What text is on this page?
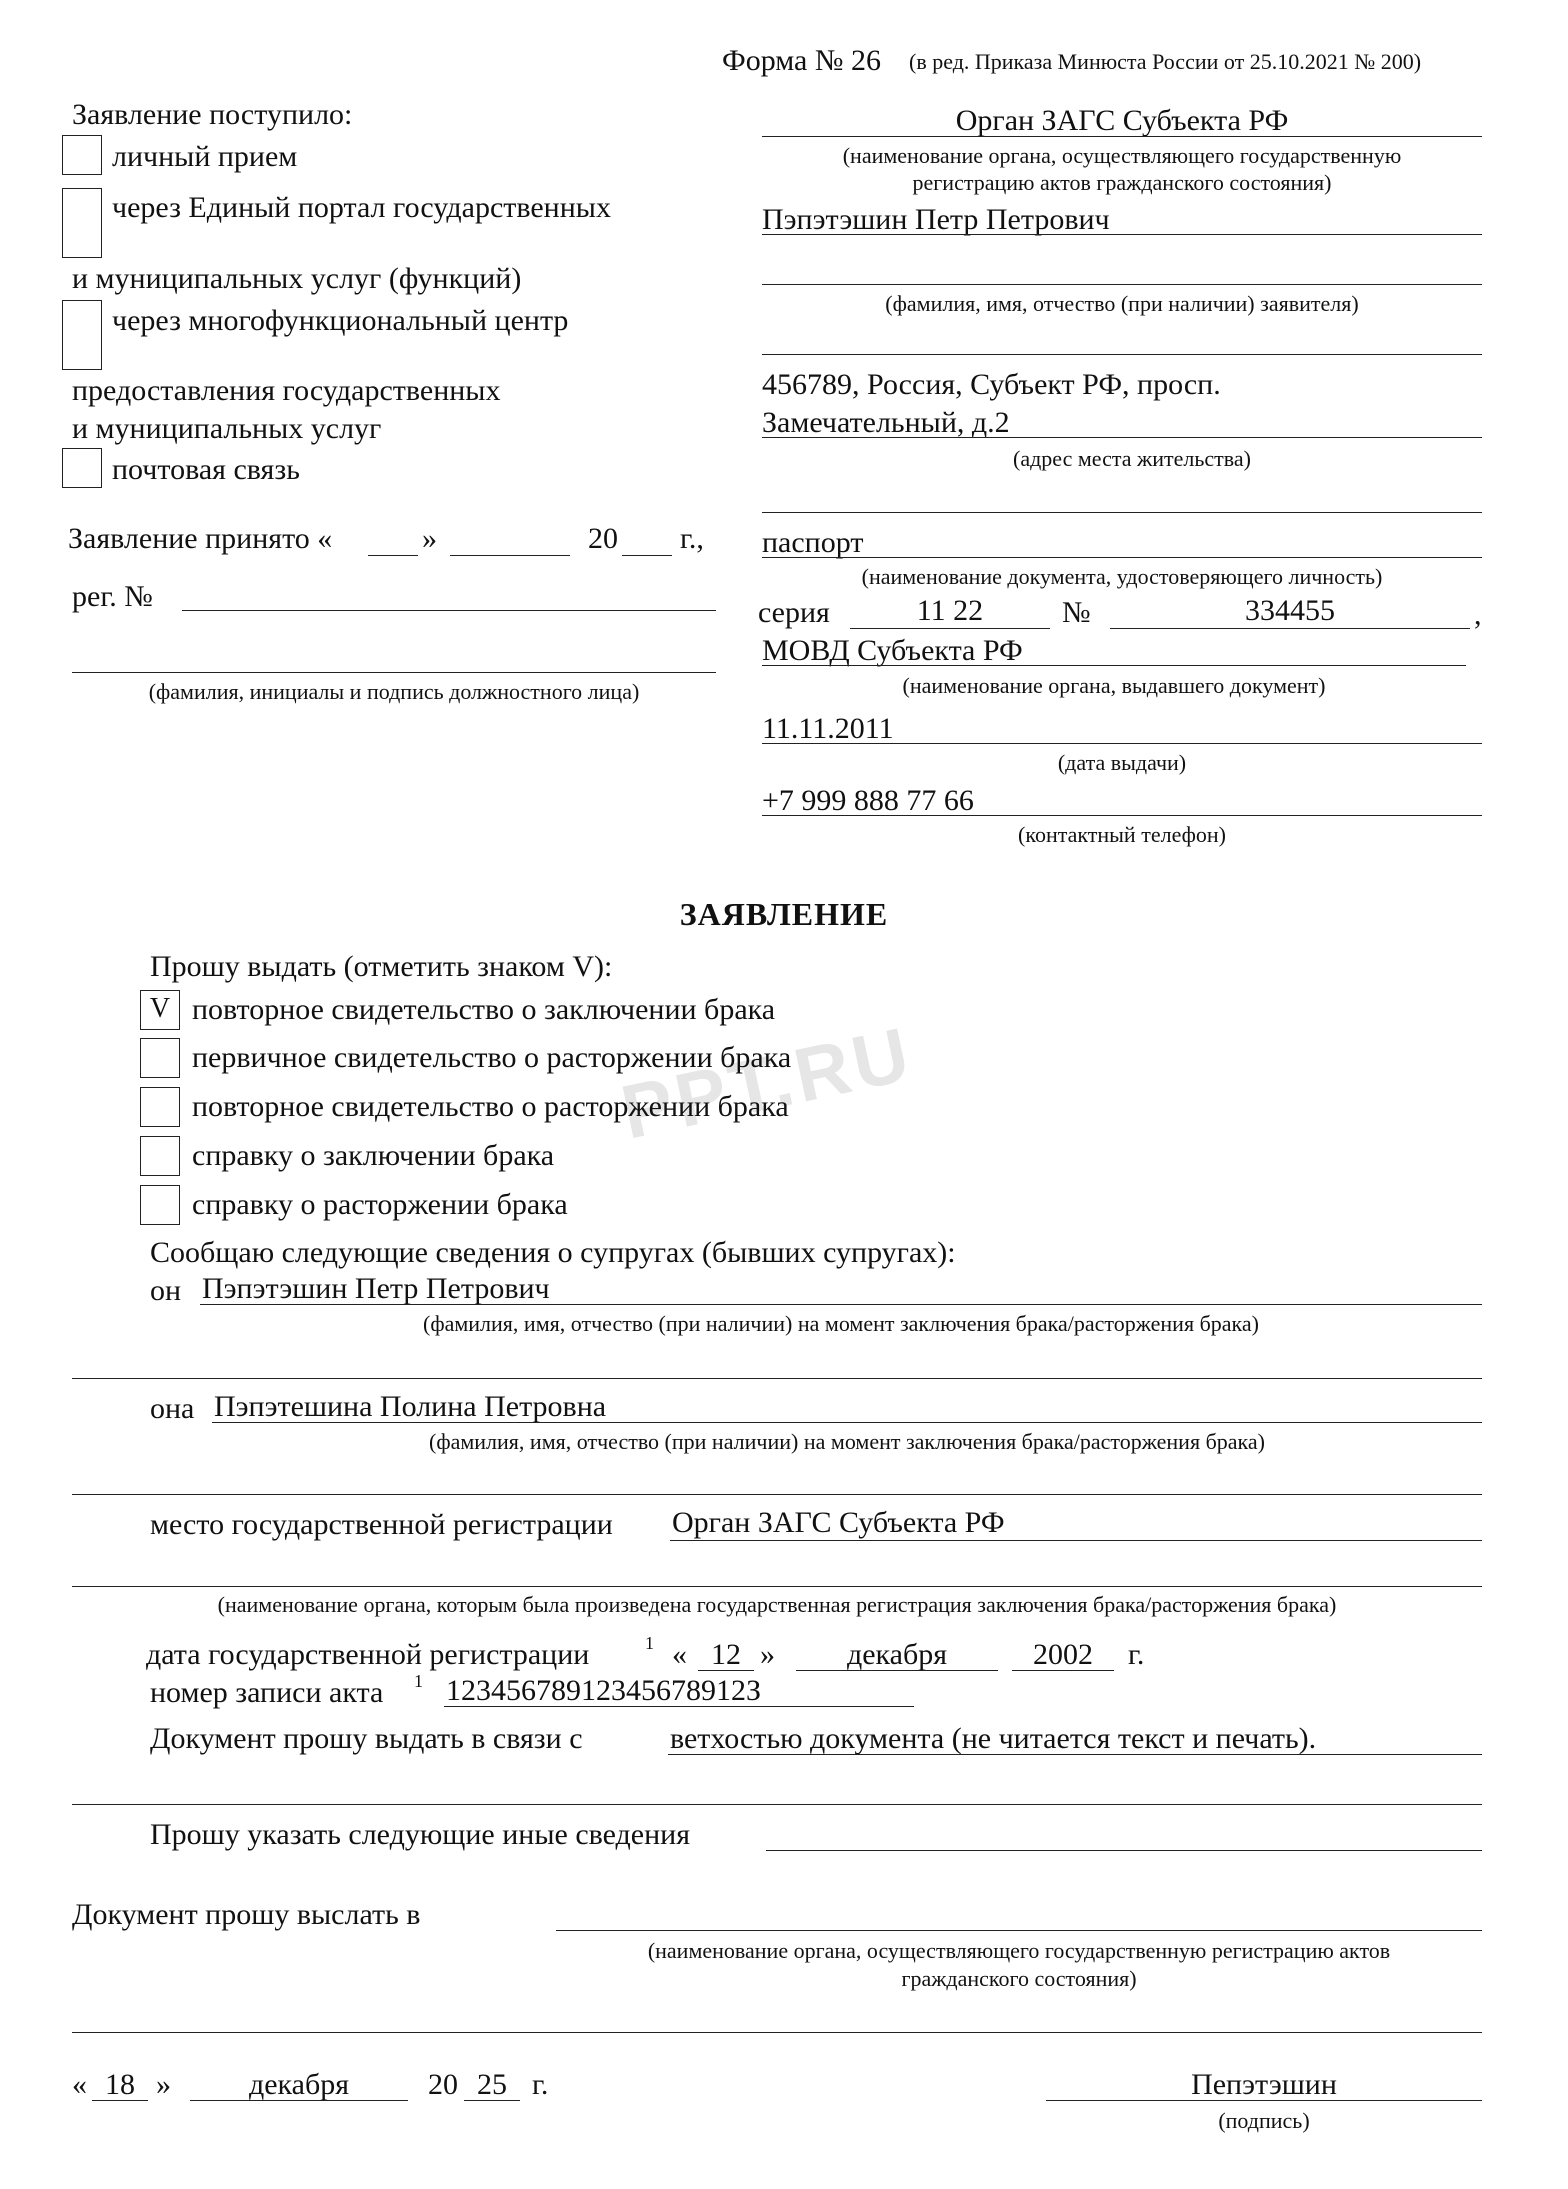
Форма № 26 (в ред. Приказа Минюста России от 25.10.2021 № 200)
Заявление поступило:
личный прием
через Единый портал государственных
и муниципальных услуг (функций)
через многофункциональный центр
предоставления государственных
и муниципальных услуг
почтовая связь
Заявление принято «	»	20 г.,
рег. №
(фамилия, инициалы и подпись должностного лица)
Орган ЗАГС Субъекта РФ
(наименование органа, осуществляющего государственную
регистрацию актов гражданского состояния)
Пэпэтэшин Петр Петрович
(фамилия, имя, отчество (при наличии) заявителя)
456789, Россия, Субъект РФ, просп.
Замечательный, д.2
(адрес места жительства)
паспорт
(наименование документа, удостоверяющего личность)
серия	11 22	№	334455	,
МОВД Субъекта РФ
(наименование органа, выдавшего документ)
11.11.2011
(дата выдачи)
+7 999 888 77 66
(контактный телефон)
PPT.RU
ЗАЯВЛЕНИЕ
Прошу выдать (отметить знаком V):
V повторное свидетельство о заключении брака
первичное свидетельство о расторжении брака
повторное свидетельство о расторжении брака
справку о заключении брака
справку о расторжении брака
Сообщаю следующие сведения о супругах (бывших супругах):
он Пэпэтэшин Петр Петрович
(фамилия, имя, отчество (при наличии) на момент заключения брака/расторжения брака)
она Пэпэтешина Полина Петровна
(фамилия, имя, отчество (при наличии) на момент заключения брака/расторжения брака)
место государственной регистрации Орган ЗАГС Субъекта РФ
(наименование органа, которым была произведена государственная регистрация заключения брака/расторжения брака)
дата государственной регистрации	1 « 12 »	декабря	2002	г.
номер записи акта 1 12345678912345678912З
Документ прошу выдать в связи с	ветхостью документа (не читается текст и печать).
Прошу указать следующие иные сведения
Документ прошу выслать в
(наименование органа, осуществляющего государственную регистрацию актов
гражданского состояния)
« 18 »	декабря	20 25 г.	Пепэтэшин
(подпись)
